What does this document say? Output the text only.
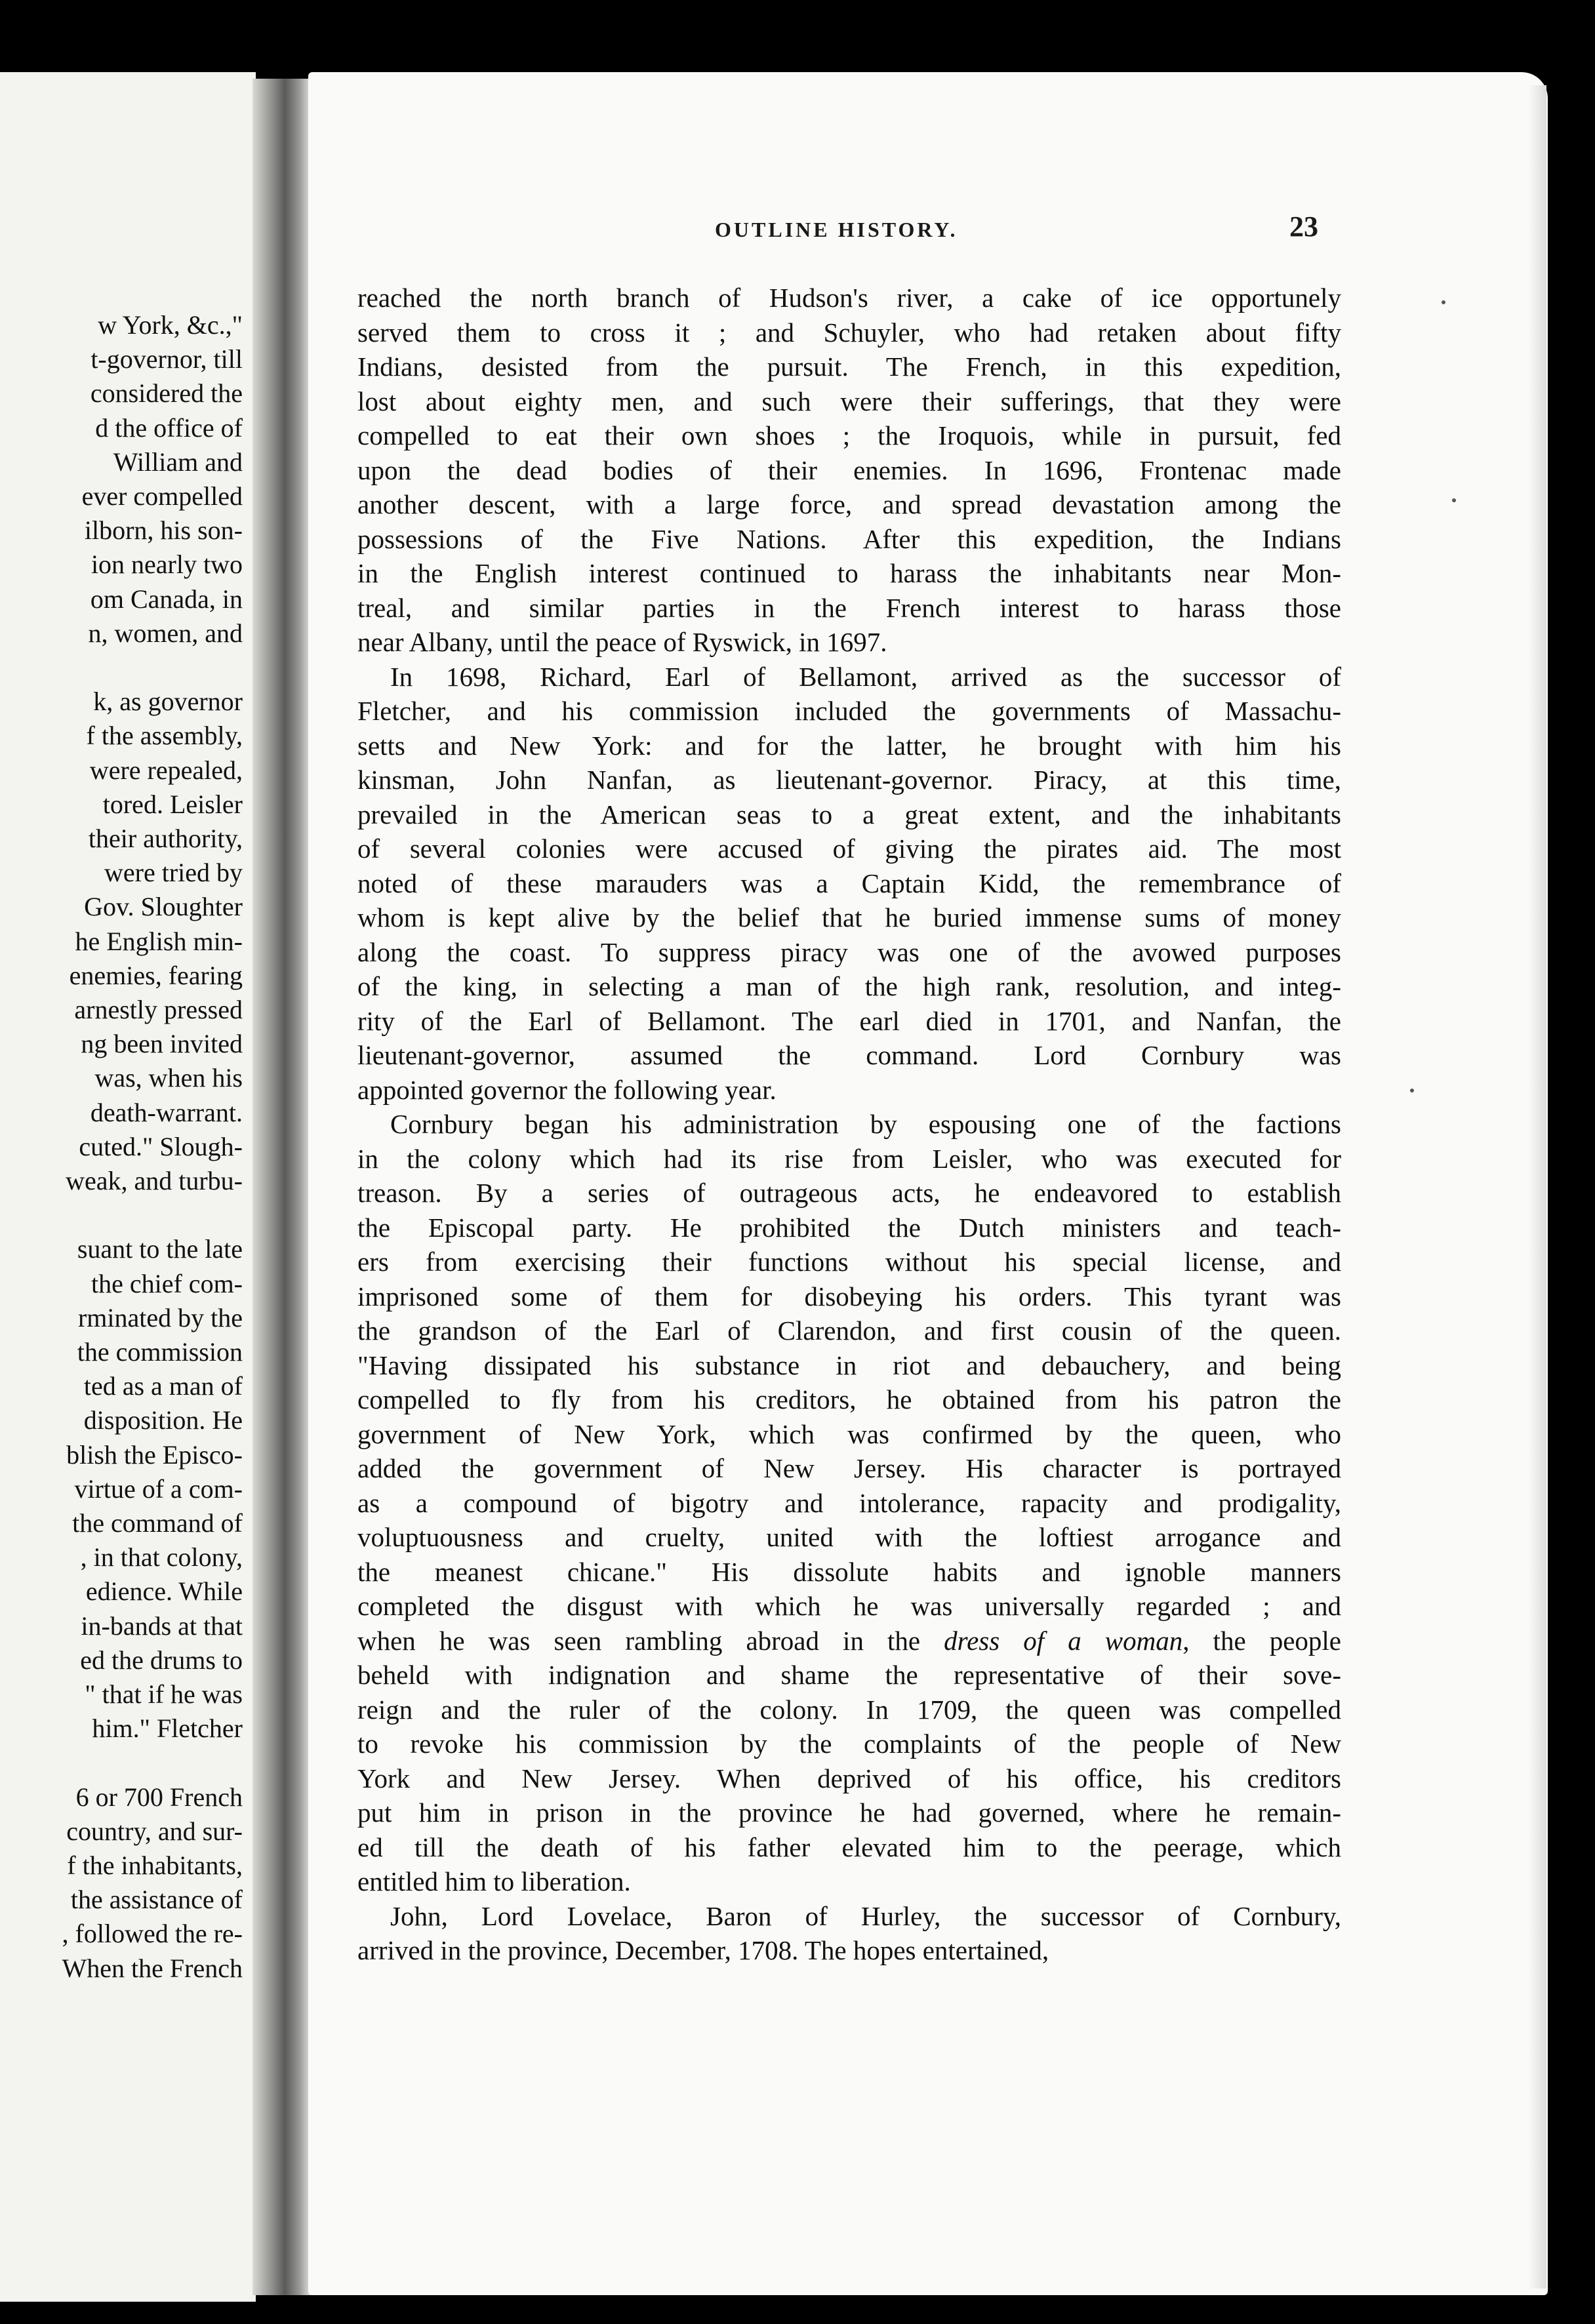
w York, &c.,"
t-governor, till
considered the
d the office of
William and
ever compelled
ilborn, his son-
ion nearly two
om Canada, in
n, women, and
k, as governor
f the assembly,
were repealed,
tored. Leisler
their authority,
were tried by
Gov. Sloughter
he English min-
enemies, fearing
arnestly pressed
ng been invited
was, when his
death-warrant.
cuted." Slough-
weak, and turbu-
suant to the late
the chief com-
rminated by the
the commission
ted as a man of
disposition. He
blish the Episco-
virtue of a com-
the command of
, in that colony,
edience. While
in-bands at that
ed the drums to
" that if he was
him." Fletcher
6 or 700 French
country, and sur-
f the inhabitants,
the assistance of
, followed the re-
When the French
OUTLINE HISTORY.	23
reached the north branch of Hudson's river, a cake of ice opportunely
served them to cross it ; and Schuyler, who had retaken about fifty
Indians, desisted from the pursuit. The French, in this expedition,
lost about eighty men, and such were their sufferings, that they were
compelled to eat their own shoes ; the Iroquois, while in pursuit, fed
upon the dead bodies of their enemies. In 1696, Frontenac made
another descent, with a large force, and spread devastation among the
possessions of the Five Nations. After this expedition, the Indians
in the English interest continued to harass the inhabitants near Mon-
treal, and similar parties in the French interest to harass those
near Albany, until the peace of Ryswick, in 1697.
In 1698, Richard, Earl of Bellamont, arrived as the successor of
Fletcher, and his commission included the governments of Massachu-
setts and New York: and for the latter, he brought with him his
kinsman, John Nanfan, as lieutenant-governor. Piracy, at this time,
prevailed in the American seas to a great extent, and the inhabitants
of several colonies were accused of giving the pirates aid. The most
noted of these marauders was a Captain Kidd, the remembrance of
whom is kept alive by the belief that he buried immense sums of money
along the coast. To suppress piracy was one of the avowed purposes
of the king, in selecting a man of the high rank, resolution, and integ-
rity of the Earl of Bellamont. The earl died in 1701, and Nanfan, the
lieutenant-governor, assumed the command. Lord Cornbury was
appointed governor the following year.
Cornbury began his administration by espousing one of the factions
in the colony which had its rise from Leisler, who was executed for
treason. By a series of outrageous acts, he endeavored to establish
the Episcopal party. He prohibited the Dutch ministers and teach-
ers from exercising their functions without his special license, and
imprisoned some of them for disobeying his orders. This tyrant was
the grandson of the Earl of Clarendon, and first cousin of the queen.
"Having dissipated his substance in riot and debauchery, and being
compelled to fly from his creditors, he obtained from his patron the
government of New York, which was confirmed by the queen, who
added the government of New Jersey. His character is portrayed
as a compound of bigotry and intolerance, rapacity and prodigality,
voluptuousness and cruelty, united with the loftiest arrogance and
the meanest chicane." His dissolute habits and ignoble manners
completed the disgust with which he was universally regarded ; and
when he was seen rambling abroad in the dress of a woman, the people
beheld with indignation and shame the representative of their sove-
reign and the ruler of the colony. In 1709, the queen was compelled
to revoke his commission by the complaints of the people of New
York and New Jersey. When deprived of his office, his creditors
put him in prison in the province he had governed, where he remain-
ed till the death of his father elevated him to the peerage, which
entitled him to liberation.
John, Lord Lovelace, Baron of Hurley, the successor of Cornbury,
arrived in the province, December, 1708. The hopes entertained,
